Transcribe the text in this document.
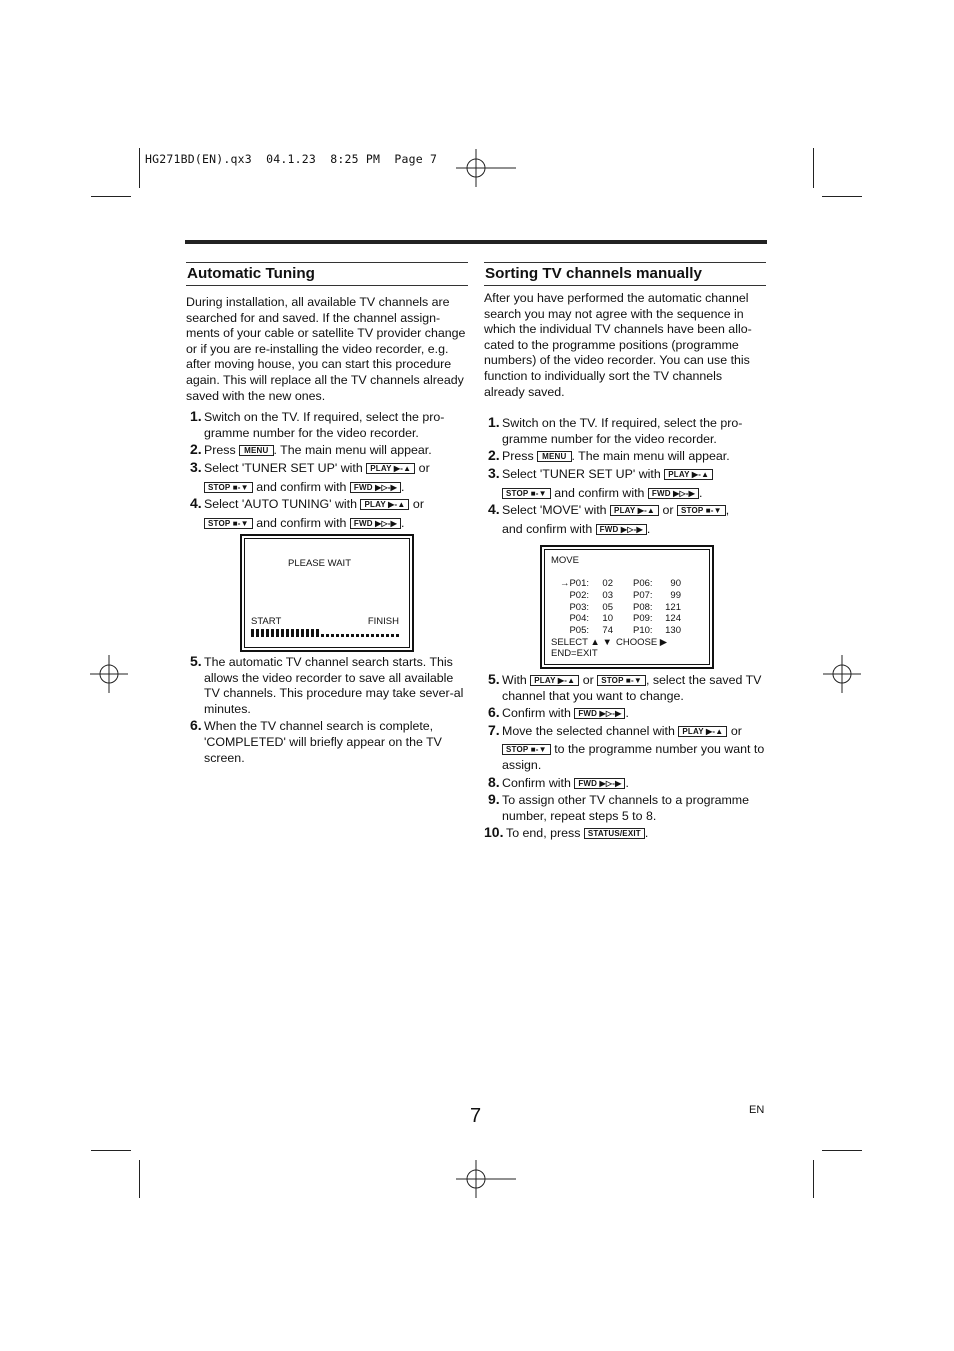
HG271BD(EN).qx3  04.1.23  8:25 PM  Page 7
Automatic Tuning
During installation, all available TV channels are searched for and saved. If the channel assign-ments of your cable or satellite TV provider change or if you are re-installing the video recorder, e.g. after moving house, you can start this procedure again. This will replace all the TV channels already saved with the new ones.
1. Switch on the TV. If required, select the pro-gramme number for the video recorder.
2. Press MENU . The main menu will appear.
3. Select 'TUNER SET UP' with PLAY ▶-▲ or
STOP ■-▼ and confirm with FWD ▶▷-▶ .
4. Select 'AUTO TUNING' with PLAY ▶-▲ or
STOP ■-▼ and confirm with FWD ▶▷-▶ .
PLEASE WAIT
START	FINISH
5. The automatic TV channel search starts. This allows the video recorder to save all available TV channels. This procedure may take sever-al minutes.
6. When the TV channel search is complete, 'COMPLETED' will briefly appear on the TV screen.
Sorting TV channels manually
After you have performed the automatic channel search you may not agree with the sequence in which the individual TV channels have been allo-cated to the programme positions (programme numbers) of the video recorder. You can use this function to individually sort the TV channels already saved.
1. Switch on the TV. If required, select the pro-gramme number for the video recorder.
2. Press MENU . The main menu will appear.
3. Select 'TUNER SET UP' with PLAY ▶-▲
STOP ■-▼ and confirm with FWD ▶▷-▶ .
4. Select 'MOVE' with PLAY ▶-▲ or STOP ■-▼ ,
and confirm with FWD ▶▷-▶ .
MOVE
→P01: 02
P02: 03
P03: 05
P04: 10
P05: 74
P06: 90
P07: 99
P08: 121
P09: 124
P10: 130
SELECT ▲ ▼ CHOOSE ▶
END=EXIT
5. With PLAY ▶-▲ or STOP ■-▼ , select the saved TV channel that you want to change.
6. Confirm with FWD ▶▷-▶ .
7. Move the selected channel with PLAY ▶-▲ or
STOP ■-▼ to the programme number you want to assign.
8. Confirm with FWD ▶▷-▶ .
9. To assign other TV channels to a programme number, repeat steps 5 to 8.
10. To end, press STATUS/EXIT .
7	EN
